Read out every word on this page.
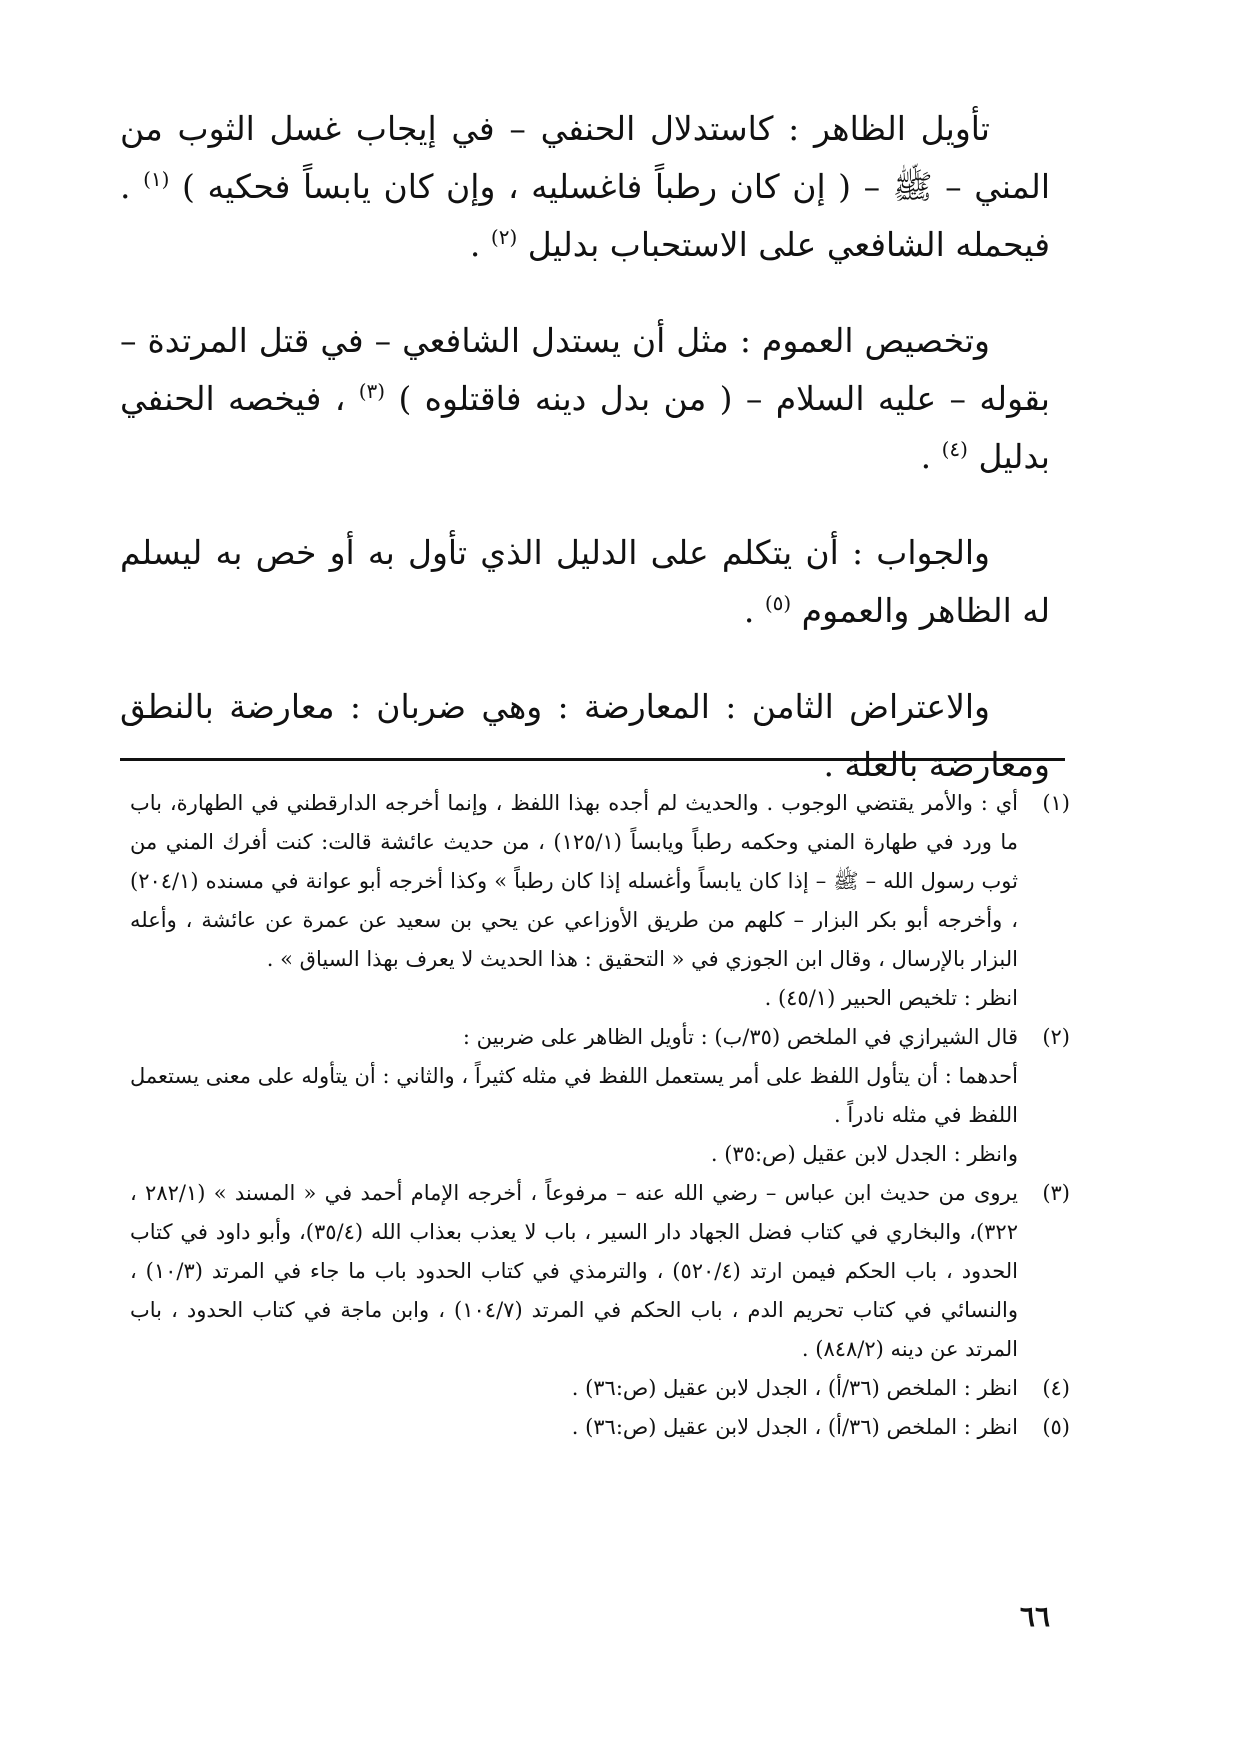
تأويل الظاهر : كاستدلال الحنفي – في إيجاب غسل الثوب من المني – ﷺ – ( إن كان رطباً فاغسليه ، وإن كان يابساً فحكيه ) $^{(١)}$ . فيحمله الشافعي على الاستحباب بدليل $^{(٢)}$ .

وتخصيص العموم : مثل أن يستدل الشافعي – في قتل المرتدة – بقوله – عليه السلام – ( من بدل دينه فاقتلوه ) $^{(٣)}$ ، فيخصه الحنفي بدليل $^{(٤)}$ .

والجواب : أن يتكلم على الدليل الذي تأول به أو خص به ليسلم له الظاهر والعموم $^{(٥)}$ .

والاعتراض الثامن : المعارضة : وهي ضربان : معارضة بالنطق ومعارضة بالعلة .

(١)

أي : والأمر يقتضي الوجوب . والحديث لم أجده بهذا اللفظ ، وإنما أخرجه الدارقطني في الطهارة، باب ما ورد في طهارة المني وحكمه رطباً ويابساً (١٢٥/١) ، من حديث عائشة قالت: كنت أفرك المني من ثوب رسول الله – ﷺ – إذا كان يابساً وأغسله إذا كان رطباً » وكذا أخرجه أبو عوانة في مسنده (٢٠٤/١) ، وأخرجه أبو بكر البزار – كلهم من طريق الأوزاعي عن يحي بن سعيد عن عمرة عن عائشة ، وأعله البزار بالإرسال ، وقال ابن الجوزي في « التحقيق : هذا الحديث لا يعرف بهذا السياق » .

انظر : تلخيص الحبير (٤٥/١) .

(٢)

قال الشيرازي في الملخص (٣٥/ب) : تأويل الظاهر على ضربين :

أحدهما : أن يتأول اللفظ على أمر يستعمل اللفظ في مثله كثيراً ، والثاني : أن يتأوله على معنى يستعمل اللفظ في مثله نادراً .

وانظر : الجدل لابن عقيل (ص:٣٥) .

(٣)

يروى من حديث ابن عباس – رضي الله عنه – مرفوعاً ، أخرجه الإمام أحمد في « المسند » (٢٨٢/١ ، ٣٢٢)، والبخاري في كتاب فضل الجهاد دار السير ، باب لا يعذب بعذاب الله (٣٥/٤)، وأبو داود في كتاب الحدود ، باب الحكم فيمن ارتد (٥٢٠/٤) ، والترمذي في كتاب الحدود باب ما جاء في المرتد (١٠/٣) ، والنسائي في كتاب تحريم الدم ، باب الحكم في المرتد (١٠٤/٧) ، وابن ماجة في كتاب الحدود ، باب المرتد عن دينه (٨٤٨/٢) .

(٤)

انظر : الملخص (٣٦/أ) ، الجدل لابن عقيل (ص:٣٦) .

(٥)

انظر : الملخص (٣٦/أ) ، الجدل لابن عقيل (ص:٣٦) .

٦٦
